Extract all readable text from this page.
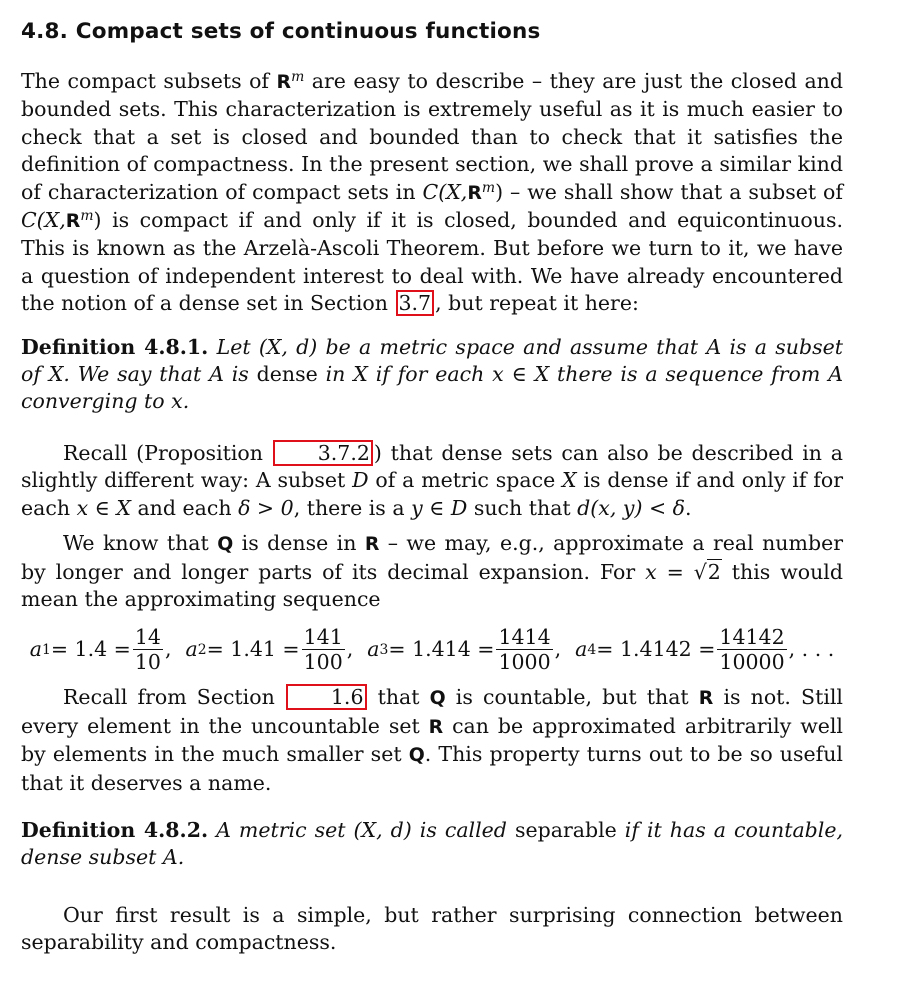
4.8. Compact sets of continuous functions

The compact subsets of $R^m$ are easy to describe – they are just the closed and bounded sets. This characterization is extremely useful as it is much easier to check that a set is closed and bounded than to check that it satisfies the definition of compactness. In the present section, we shall prove a similar kind of characterization of compact sets in $C(X,R^m)$ – we shall show that a subset of $C(X,R^m)$ is compact if and only if it is closed, bounded and equicontinuous. This is known as the Arzelà-Ascoli Theorem. But before we turn to it, we have a question of independent interest to deal with. We have already encountered the notion of a dense set in Section 3.7 , but repeat it here:

Definition 4.8.1. Let (X, d) be a metric space and assume that A is a subset of X. We say that A is dense in X if for each x ∈ X there is a sequence from A converging to x.

Recall (Proposition 3.7.2 ) that dense sets can also be described in a slightly different way: A subset D of a metric space X is dense if and only if for each x ∈ X and each δ > 0, there is a y ∈ D such that d(x, y) < δ.

We know that Q is dense in R – we may, e.g., approximate a real number by longer and longer parts of its decimal expansion. For x = √2 this would mean the approximating sequence

a $1 = 1.4 = \frac{14}{10}$ , a $2 = 1.41 = \frac{141}{100}$ , a $3 = 1.414 = \frac{1414}{1000}$ , a $4 = 1.4142 = \frac{14142}{10000}$ , . . .

Recall from Section 1.6 that Q is countable, but that R is not. Still every element in the uncountable set R can be approximated arbitrarily well by elements in the much smaller set Q. This property turns out to be so useful that it deserves a name.

Definition 4.8.2. A metric set (X, d) is called separable if it has a countable, dense subset A.

Our first result is a simple, but rather surprising connection between separability and compactness.
